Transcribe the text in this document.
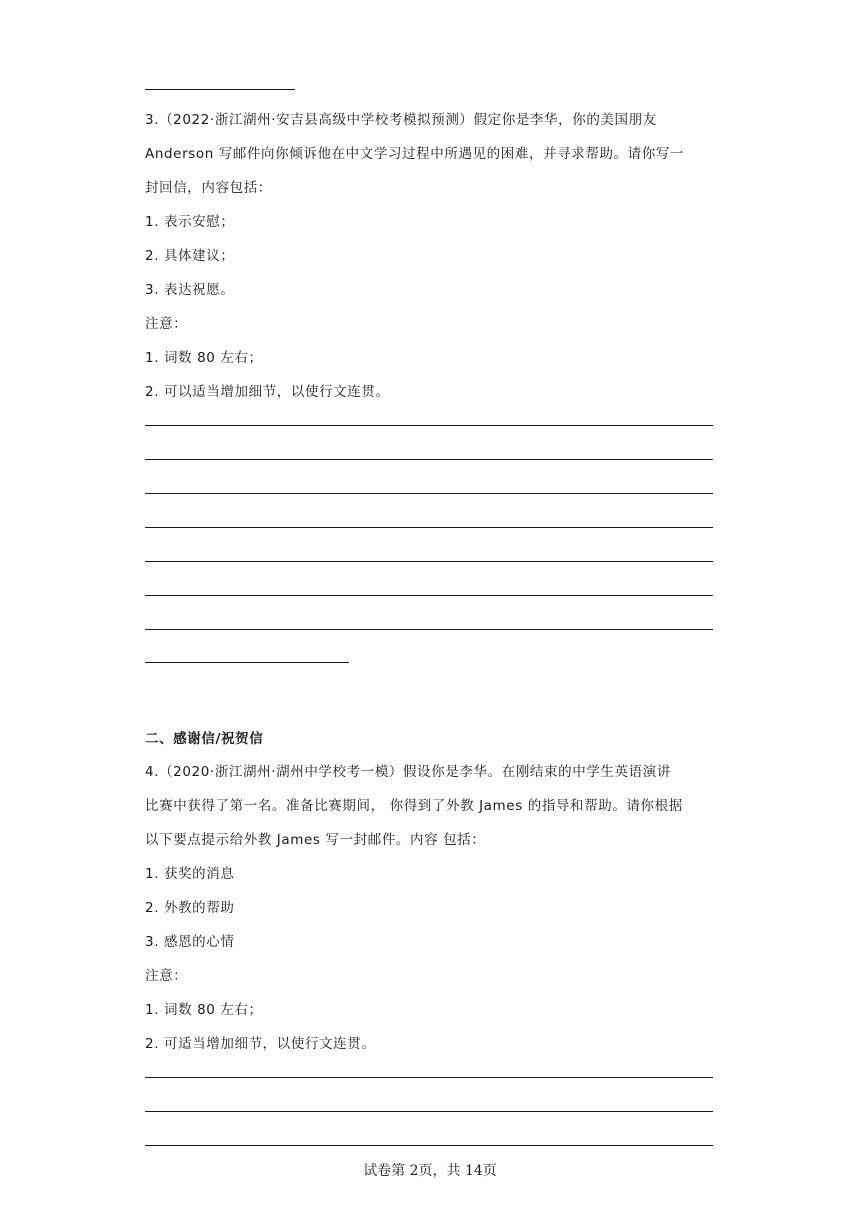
3.（2022·浙江湖州·安吉县高级中学校考模拟预测）假定你是李华，你的美国朋友
Anderson 写邮件向你倾诉他在中文学习过程中所遇见的困难，并寻求帮助。请你写一
封回信，内容包括：
1. 表示安慰；
2. 具体建议；
3. 表达祝愿。
注意：
1. 词数 80 左右；
2. 可以适当增加细节，以使行文连贯。
二、感谢信/祝贺信
4.（2020·浙江湖州·湖州中学校考一模）假设你是李华。在刚结束的中学生英语演讲
比赛中获得了第一名。准备比赛期间， 你得到了外教 James 的指导和帮助。请你根据
以下要点提示给外教 James 写一封邮件。内容 包括：
1. 获奖的消息
2. 外教的帮助
3. 感恩的心情
注意：
1. 词数 80 左右；
2. 可适当增加细节，以使行文连贯。
试卷第 2页，共 14页
